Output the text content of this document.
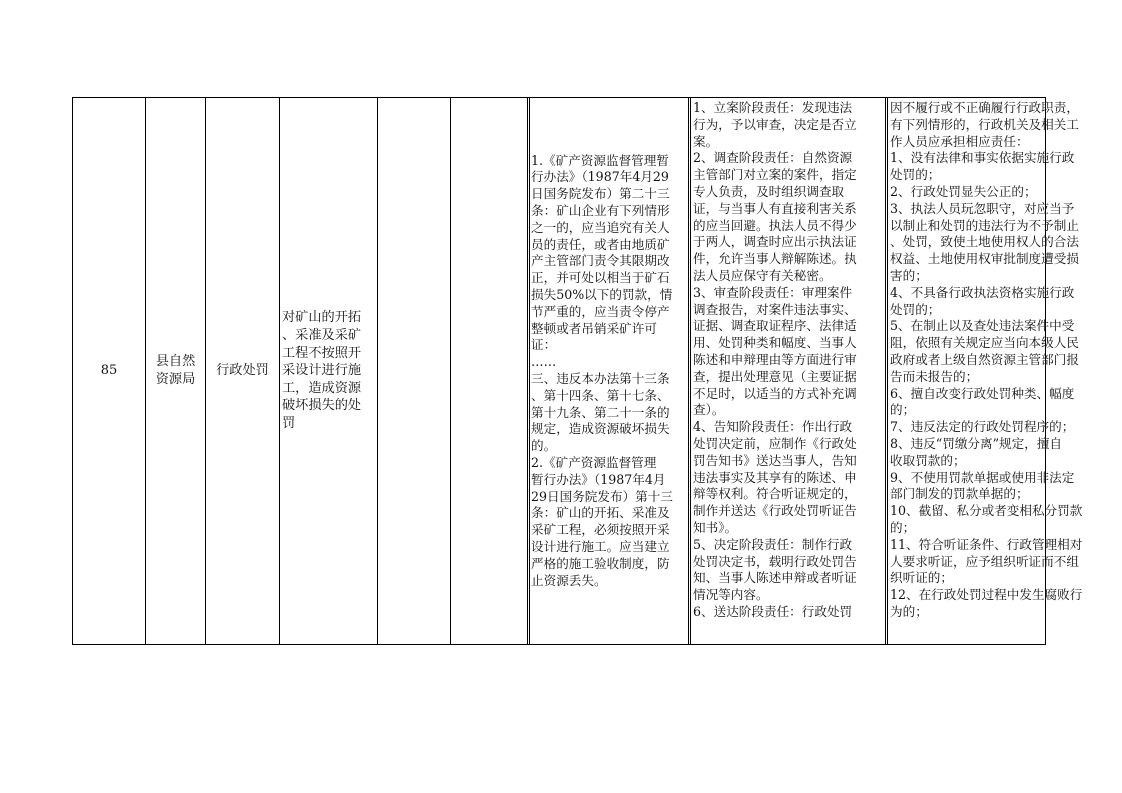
85
县自然
资源局
行政处罚
对矿山的开拓
、采准及采矿
工程不按照开
采设计进行施
工，造成资源
破坏损失的处
罚
1.《矿产资源监督管理暂
行办法》（1987年4月29
日国务院发布）第二十三
条：矿山企业有下列情形
之一的，应当追究有关人
员的责任，或者由地质矿
产主管部门责令其限期改
正，并可处以相当于矿石
损失50%以下的罚款，情
节严重的，应当责令停产
整顿或者吊销采矿许可
证：
……
三、违反本办法第十三条
、第十四条、第十七条、
第十九条、第二十一条的
规定，造成资源破坏损失
的。
2.《矿产资源监督管理
暂行办法》（1987年4月
29日国务院发布）第十三
条：矿山的开拓、采准及
采矿工程，必须按照开采
设计进行施工。应当建立
严格的施工验收制度，防
止资源丢失。
1、立案阶段责任：发现违法
行为，予以审查，决定是否立
案。
2、调查阶段责任：自然资源
主管部门对立案的案件，指定
专人负责，及时组织调查取
证，与当事人有直接利害关系
的应当回避。执法人员不得少
于两人，调查时应出示执法证
件，允许当事人辩解陈述。执
法人员应保守有关秘密。
3、审查阶段责任：审理案件
调查报告，对案件违法事实、
证据、调查取证程序、法律适
用、处罚种类和幅度、当事人
陈述和申辩理由等方面进行审
查，提出处理意见（主要证据
不足时，以适当的方式补充调
查）。
4、告知阶段责任：作出行政
处罚决定前，应制作《行政处
罚告知书》送达当事人，告知
违法事实及其享有的陈述、申
辩等权利。符合听证规定的，
制作并送达《行政处罚听证告
知书》。
5、决定阶段责任：制作行政
处罚决定书，载明行政处罚告
知、当事人陈述申辩或者听证
情况等内容。
6、送达阶段责任：行政处罚
因不履行或不正确履行行政职责，
有下列情形的，行政机关及相关工
作人员应承担相应责任：
1、没有法律和事实依据实施行政
处罚的；
2、行政处罚显失公正的；
3、执法人员玩忽职守，对应当予
以制止和处罚的违法行为不予制止
、处罚，致使土地使用权人的合法
权益、土地使用权审批制度遭受损
害的；
4、不具备行政执法资格实施行政
处罚的；
5、在制止以及查处违法案件中受
阻，依照有关规定应当向本级人民
政府或者上级自然资源主管部门报
告而未报告的；
6、擅自改变行政处罚种类、幅度
的；
7、违反法定的行政处罚程序的；
8、违反“罚缴分离”规定，擅自
收取罚款的；
9、不使用罚款单据或使用非法定
部门制发的罚款单据的；
10、截留、私分或者变相私分罚款
的；
11、符合听证条件、行政管理相对
人要求听证，应予组织听证而不组
织听证的；
12、在行政处罚过程中发生腐败行
为的；
